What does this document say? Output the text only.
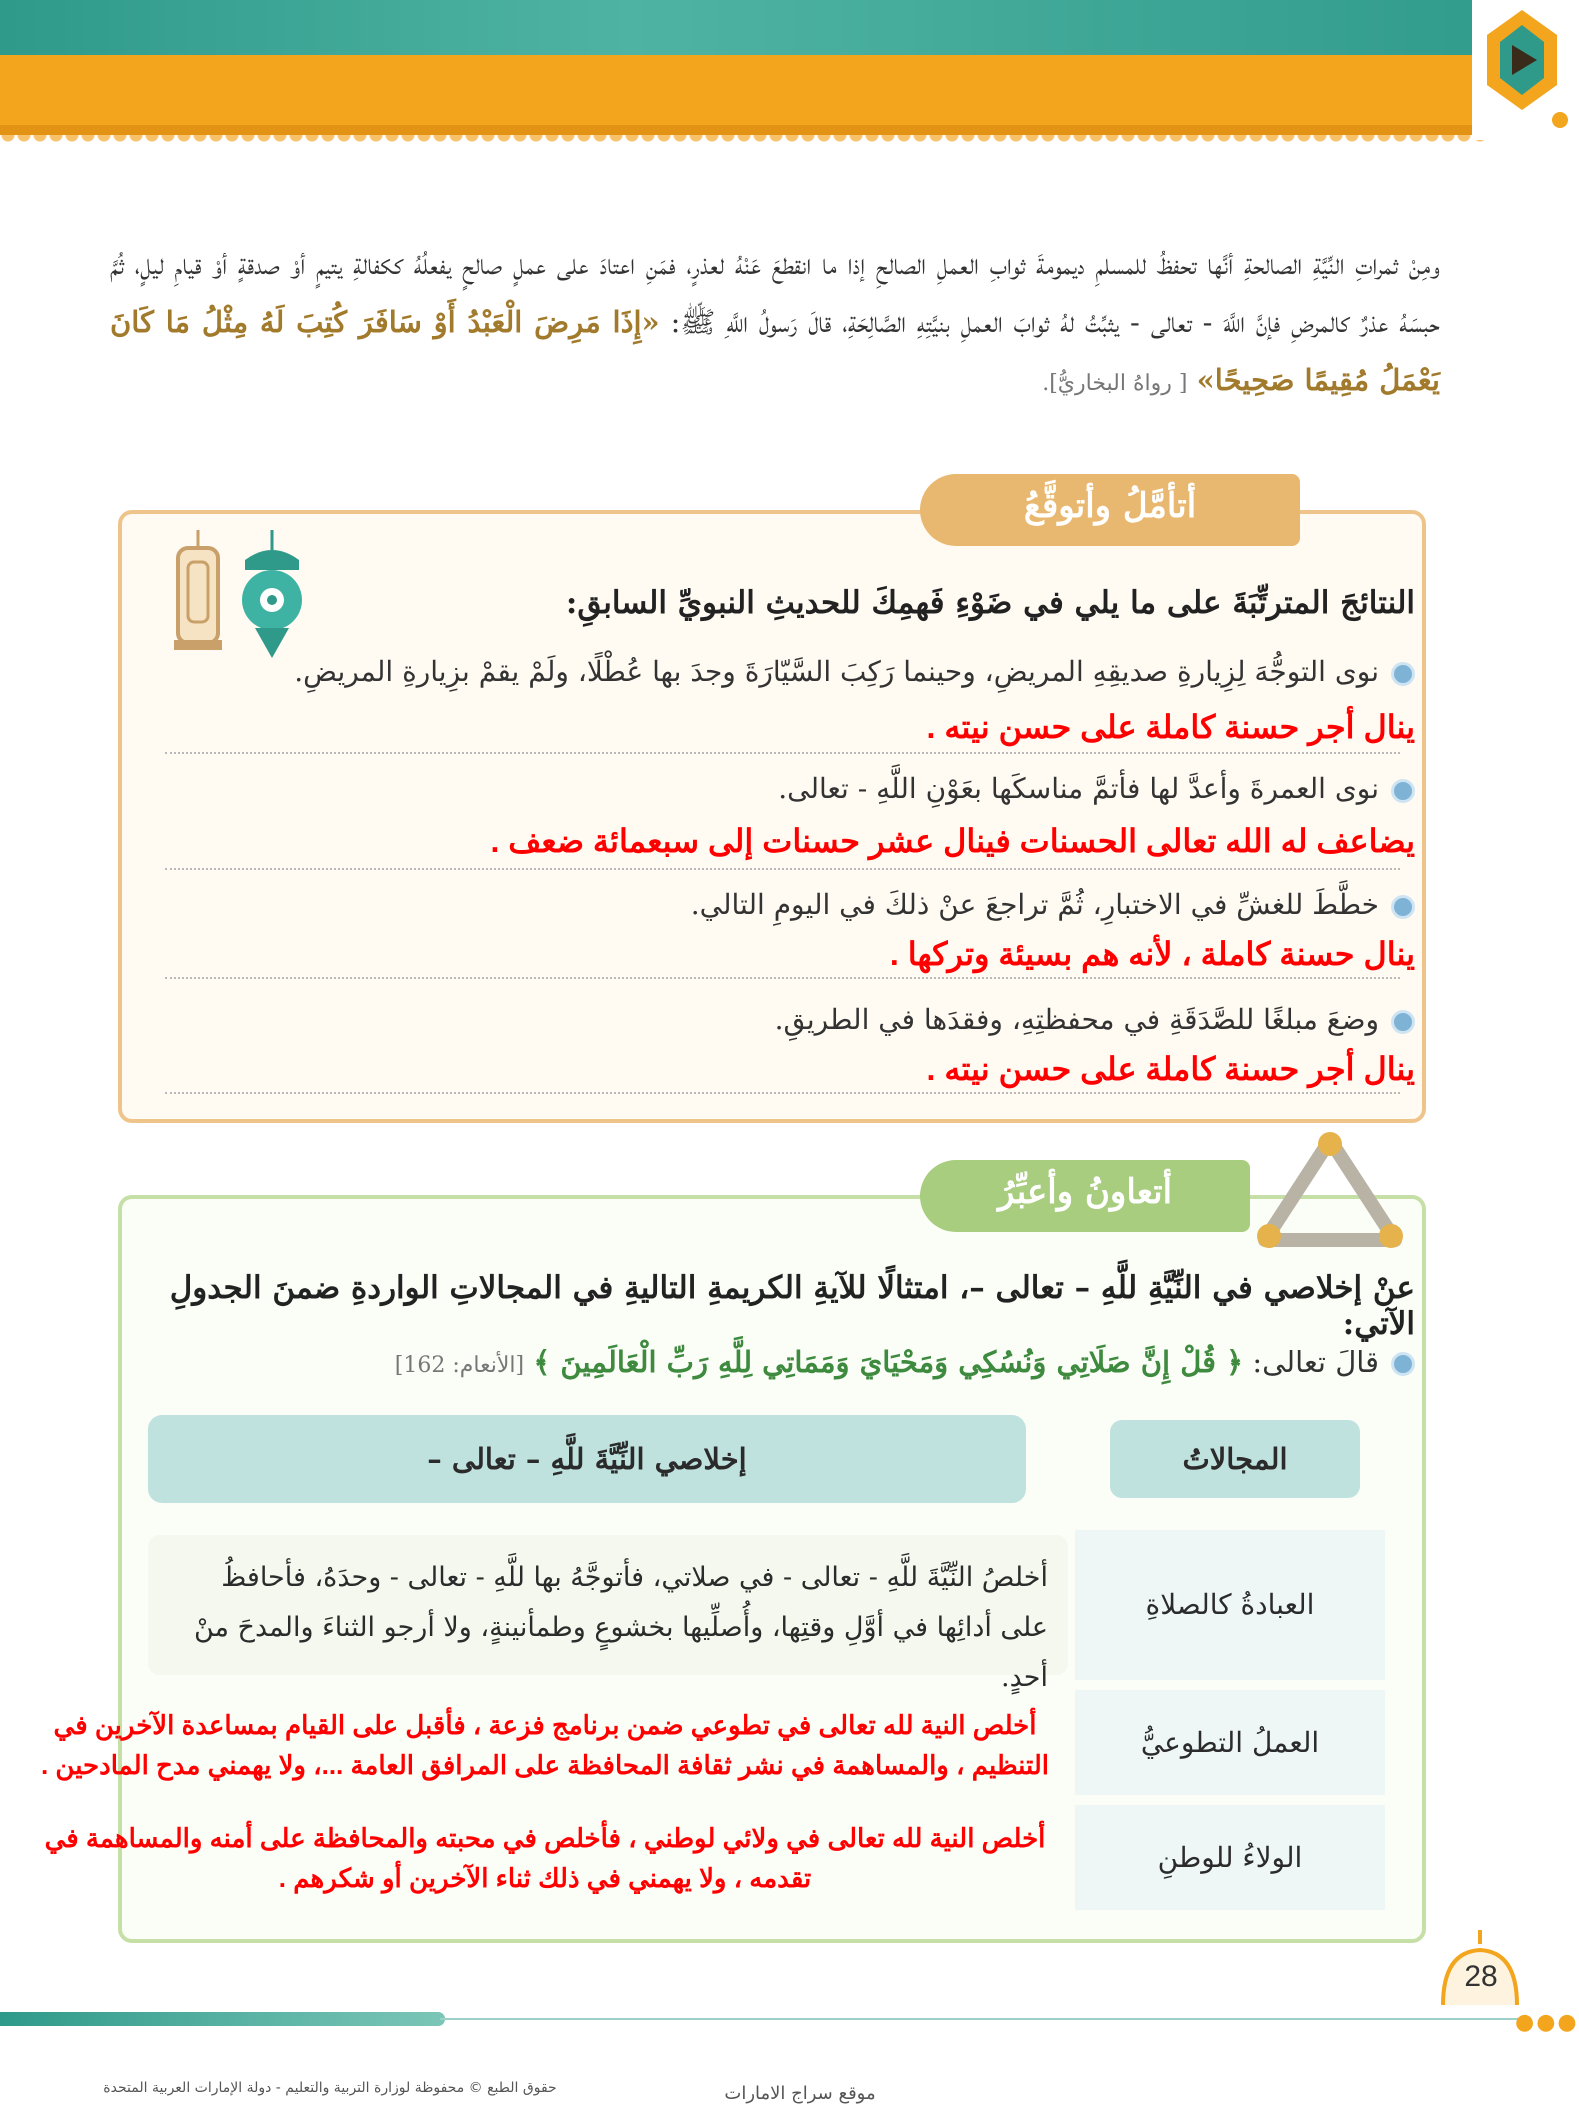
ومِنْ ثمراتِ النِّيَّةِ الصالحةِ أنَّها تحفظُ للمسلمِ ديمومةَ ثوابِ العملِ الصالحِ إذا ما انقطعَ عَنْهُ لعذرٍ، فمَنِ اعتادَ على عملٍ صالحٍ يفعلُهُ ككفالةِ يتيمٍ أوْ صدقةٍ أوْ قيامِ ليلٍ، ثُمَّ حبسَهُ عذرٌ كالمرضِ فإنَّ اللَّهَ - تعالى - يثبِّتُ لهُ ثوابَ العملِ بنيَّتِهِ الصَّالِحَةِ، قالَ رَسولُ اللَّهِ ﷺ: «إِذَا مَرِضَ الْعَبْدُ أَوْ سَافَرَ كُتِبَ لَهُ مِثْلُ مَا كَانَ يَعْمَلُ مُقِيمًا صَحِيحًا» [ رواهُ البخاريُّ].
أتأمَّلُ وأتوقَّعُ
النتائجَ المترتِّبَةَ على ما يلي في ضَوْءِ فَهمِكَ للحديثِ النبويِّ السابقِ:
نوى التوجُّهَ لِزِيارةِ صديقِهِ المريضِ، وحينما رَكِبَ السَّيّارَةَ وجدَ بها عُطْلًا، ولَمْ يقمْ بزِيارةِ المريضِ.
ينال أجر حسنة كاملة على حسن نيته .
نوى العمرةَ وأعدَّ لها فأتمَّ مناسكَها بعَوْنِ اللَّهِ - تعالى.
يضاعف له الله تعالى الحسنات فينال عشر حسنات إلى سبعمائة ضعف .
خطَّطَ للغشِّ في الاختبارِ، ثُمَّ تراجعَ عنْ ذلكَ في اليومِ التالي.
ينال حسنة كاملة ، لأنه هم بسيئة وتركها .
وضعَ مبلغًا للصَّدَقَةِ في محفظتِهِ، وفقدَها في الطريقِ.
ينال أجر حسنة كاملة على حسن نيته .
أتعاونُ وأعبِّرُ
عنْ إخلاصي في النِّيَّةِ للَّهِ – تعالى –، امتثالًا للآيةِ الكريمةِ التاليةِ في المجالاتِ الواردةِ ضمنَ الجدولِ الآتي:
قالَ تعالى: ﴿ قُلْ إِنَّ صَلَاتِي وَنُسُكِي وَمَحْيَايَ وَمَمَاتِي لِلَّهِ رَبِّ الْعَالَمِينَ ﴾ [الأنعام: 162]
المجالاتُ
إخلاصي النِّيَّةَ للَّهِ – تعالى –
العبادةُ كالصلاةِ
أخلصُ النِّيَّةَ للَّهِ - تعالى - في صلاتي، فأتوجَّهُ بها للَّهِ - تعالى - وحدَهُ، فأحافظُ على أدائِها في أوَّلِ وقتِها، وأُصلِّيها بخشوعٍ وطمأنينةٍ، ولا أرجو الثناءَ والمدحَ منْ أحدٍ.
العملُ التطوعيُّ
أخلص النية لله تعالى في تطوعي ضمن برنامج فزعة ، فأقبل على القيام بمساعدة الآخرين في التنظيم ، والمساهمة في نشر ثقافة المحافظة على المرافق العامة ...، ولا يهمني مدح المادحين .
الولاءُ للوطنِ
أخلص النية لله تعالى في ولائي لوطني ، فأخلص في محبته والمحافظة على أمنه والمساهمة في تقدمه ، ولا يهمني في ذلك ثناء الآخرين أو شكرهم .
28
●●●
حقوق الطبع © محفوظة لوزارة التربية والتعليم - دولة الإمارات العربية المتحدة	موقع سراج الامارات
